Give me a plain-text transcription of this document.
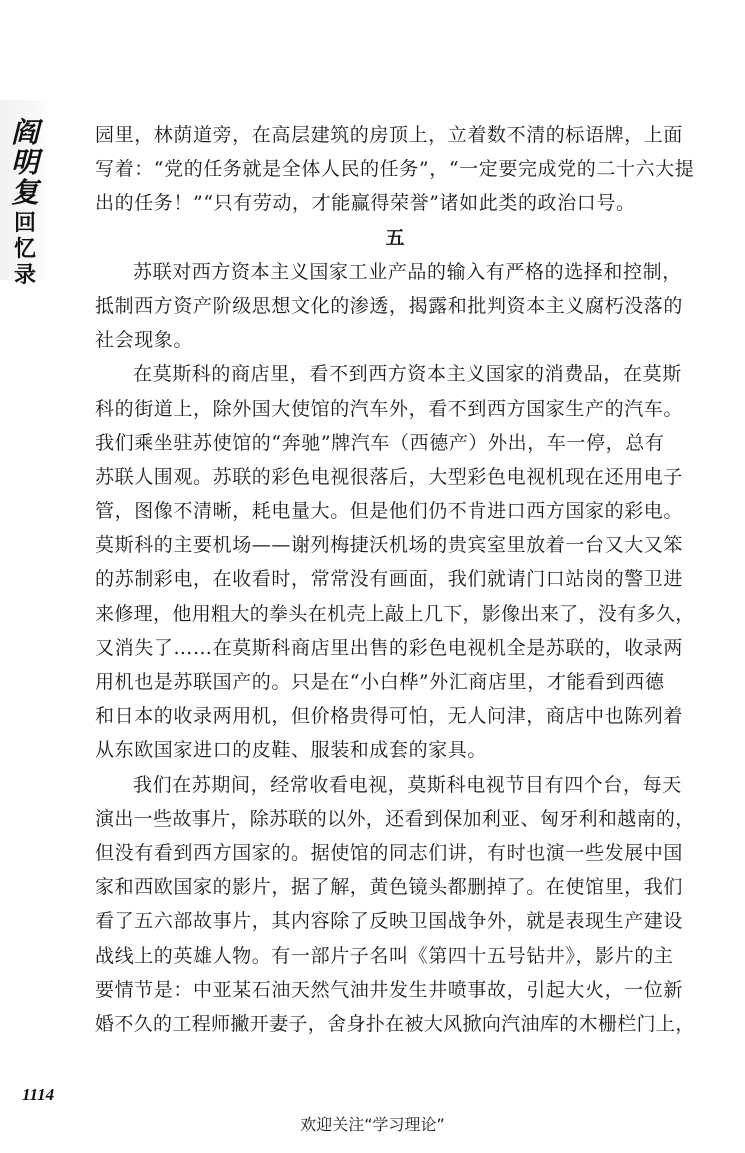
阎
明
复
回
忆
录
园里，林荫道旁，在高层建筑的房顶上，立着数不清的标语牌，上面
写着：“党的任务就是全体人民的任务”，“一定要完成党的二十六大提
出的任务！”“只有劳动，才能赢得荣誉”诸如此类的政治口号。
五
苏联对西方资本主义国家工业产品的输入有严格的选择和控制，
抵制西方资产阶级思想文化的渗透，揭露和批判资本主义腐朽没落的
社会现象。
在莫斯科的商店里，看不到西方资本主义国家的消费品，在莫斯
科的街道上，除外国大使馆的汽车外，看不到西方国家生产的汽车。
我们乘坐驻苏使馆的“奔驰”牌汽车（西德产）外出，车一停，总有
苏联人围观。苏联的彩色电视很落后，大型彩色电视机现在还用电子
管，图像不清晰，耗电量大。但是他们仍不肯进口西方国家的彩电。
莫斯科的主要机场——谢列梅捷沃机场的贵宾室里放着一台又大又笨
的苏制彩电，在收看时，常常没有画面，我们就请门口站岗的警卫进
来修理，他用粗大的拳头在机壳上敲上几下，影像出来了，没有多久，
又消失了……在莫斯科商店里出售的彩色电视机全是苏联的，收录两
用机也是苏联国产的。只是在“小白桦”外汇商店里，才能看到西德
和日本的收录两用机，但价格贵得可怕，无人问津，商店中也陈列着
从东欧国家进口的皮鞋、服装和成套的家具。
我们在苏期间，经常收看电视，莫斯科电视节目有四个台，每天
演出一些故事片，除苏联的以外，还看到保加利亚、匈牙利和越南的，
但没有看到西方国家的。据使馆的同志们讲，有时也演一些发展中国
家和西欧国家的影片，据了解，黄色镜头都删掉了。在使馆里，我们
看了五六部故事片，其内容除了反映卫国战争外，就是表现生产建设
战线上的英雄人物。有一部片子名叫《第四十五号钻井》，影片的主
要情节是：中亚某石油天然气油井发生井喷事故，引起大火，一位新
婚不久的工程师撇开妻子，舍身扑在被大风掀向汽油库的木栅栏门上，
1114
欢迎关注“学习理论”
